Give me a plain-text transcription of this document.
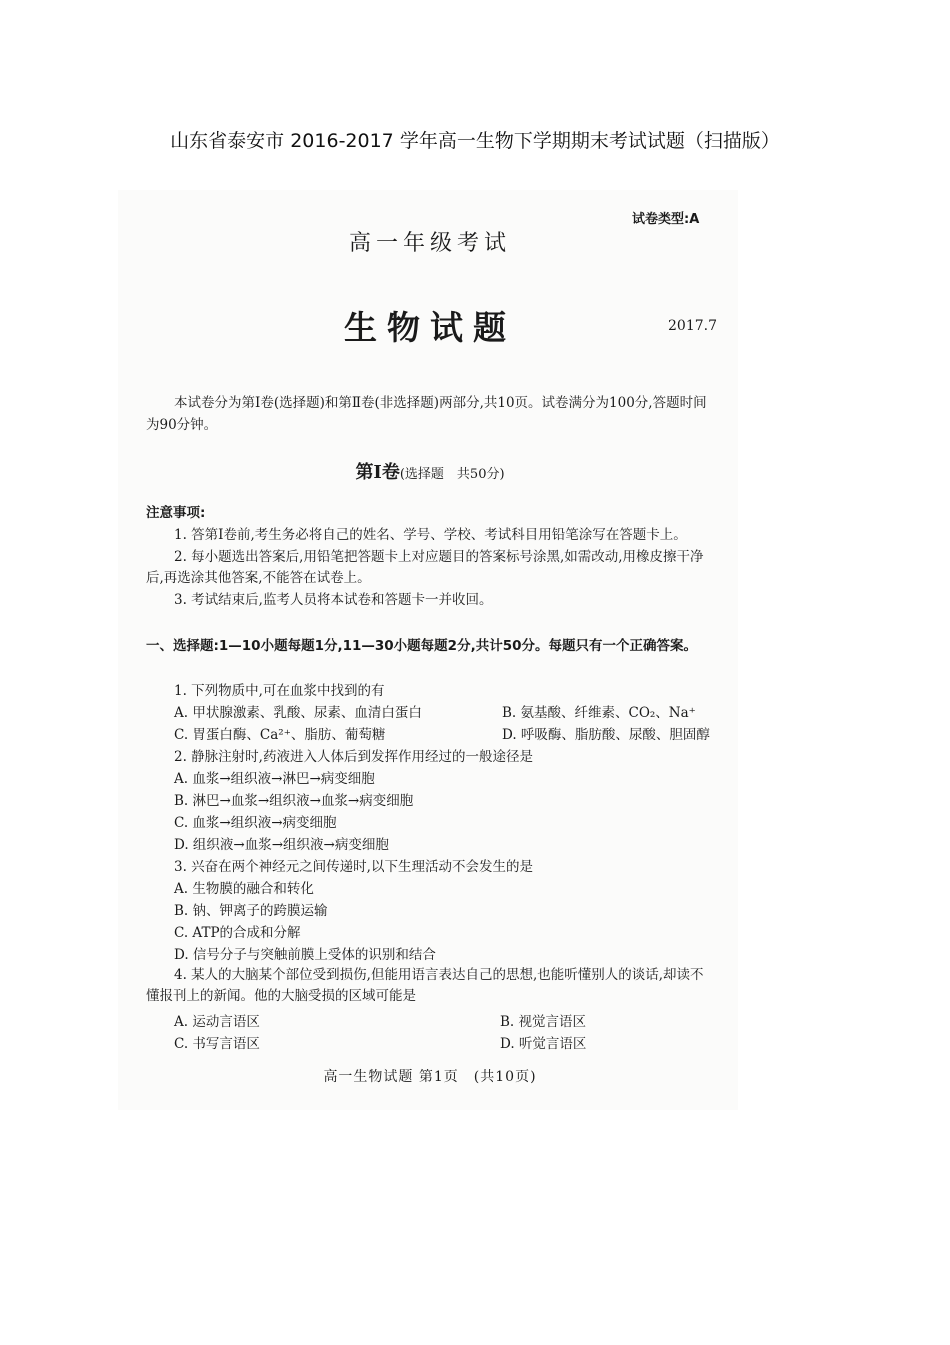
山东省泰安市 2016-2017 学年高一生物下学期期末考试试题（扫描版）
试卷类型:A
高一年级考试
生物试题	2017.7
本试卷分为第Ⅰ卷(选择题)和第Ⅱ卷(非选择题)两部分,共10页。试卷满分为100分,答题时间为90分钟。
第Ⅰ卷(选择题　共50分)
注意事项:
1. 答第Ⅰ卷前,考生务必将自己的姓名、学号、学校、考试科目用铅笔涂写在答题卡上。
2. 每小题选出答案后,用铅笔把答题卡上对应题目的答案标号涂黑,如需改动,用橡皮擦干净后,再选涂其他答案,不能答在试卷上。
3. 考试结束后,监考人员将本试卷和答题卡一并收回。
一、选择题:1—10小题每题1分,11—30小题每题2分,共计50分。每题只有一个正确答案。
1. 下列物质中,可在血浆中找到的有
A. 甲状腺激素、乳酸、尿素、血清白蛋白	B. 氨基酸、纤维素、CO₂、Na⁺
C. 胃蛋白酶、Ca²⁺、脂肪、葡萄糖	D. 呼吸酶、脂肪酸、尿酸、胆固醇
2. 静脉注射时,药液进入人体后到发挥作用经过的一般途径是
A. 血浆→组织液→淋巴→病变细胞
B. 淋巴→血浆→组织液→血浆→病变细胞
C. 血浆→组织液→病变细胞
D. 组织液→血浆→组织液→病变细胞
3. 兴奋在两个神经元之间传递时,以下生理活动不会发生的是
A. 生物膜的融合和转化
B. 钠、钾离子的跨膜运输
C. ATP的合成和分解
D. 信号分子与突触前膜上受体的识别和结合
4. 某人的大脑某个部位受到损伤,但能用语言表达自己的思想,也能听懂别人的谈话,却读不懂报刊上的新闻。他的大脑受损的区域可能是
A. 运动言语区	B. 视觉言语区
C. 书写言语区	D. 听觉言语区
高一生物试题 第1页　(共10页)
